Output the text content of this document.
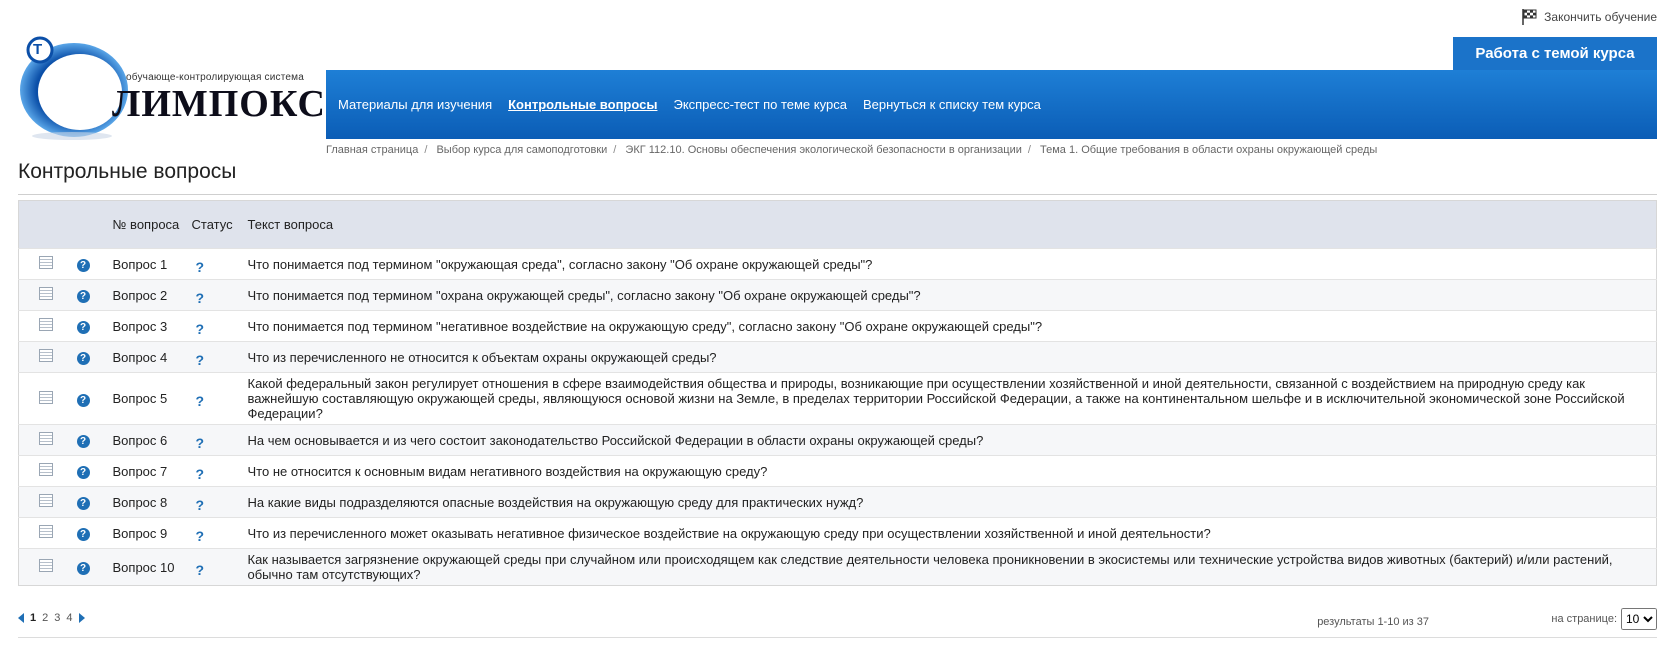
Закончить обучение
Т
обучающе-контролирующая система
ЛИМПОКС
Работа с темой курса
Материалы для изучения Контрольные вопросы Экспресс-тест по теме курса Вернуться к списку тем курса
Главная страница / Выбор курса для самоподготовки / ЭКГ 112.10. Основы обеспечения экологической безопасности в организации / Тема 1. Общие требования в области охраны окружающей среды
Контрольные вопросы
		№ вопроса	Статус	Текст вопроса
	?	Вопрос 1	?	Что понимается под термином "окружающая среда", согласно закону "Об охране окружающей среды"?
	?	Вопрос 2	?	Что понимается под термином "охрана окружающей среды", согласно закону "Об охране окружающей среды"?
	?	Вопрос 3	?	Что понимается под термином "негативное воздействие на окружающую среду", согласно закону "Об охране окружающей среды"?
	?	Вопрос 4	?	Что из перечисленного не относится к объектам охраны окружающей среды?
	?	Вопрос 5	?	Какой федеральный закон регулирует отношения в сфере взаимодействия общества и природы, возникающие при осуществлении хозяйственной и иной деятельности, связанной с воздействием на природную среду как важнейшую составляющую окружающей среды, являющуюся основой жизни на Земле, в пределах территории Российской Федерации, а также на континентальном шельфе и в исключительной экономической зоне Российской Федерации?
	?	Вопрос 6	?	На чем основывается и из чего состоит законодательство Российской Федерации в области охраны окружающей среды?
	?	Вопрос 7	?	Что не относится к основным видам негативного воздействия на окружающую среду?
	?	Вопрос 8	?	На какие виды подразделяются опасные воздействия на окружающую среду для практических нужд?
	?	Вопрос 9	?	Что из перечисленного может оказывать негативное физическое воздействие на окружающую среду при осуществлении хозяйственной и иной деятельности?
	?	Вопрос 10	?	Как называется загрязнение окружающей среды при случайном или происходящем как следствие деятельности человека проникновении в экосистемы или технические устройства видов животных (бактерий) и/или растений, обычно там отсутствующих?
1 2 3 4	результаты 1-10 из 37	на странице:
10
